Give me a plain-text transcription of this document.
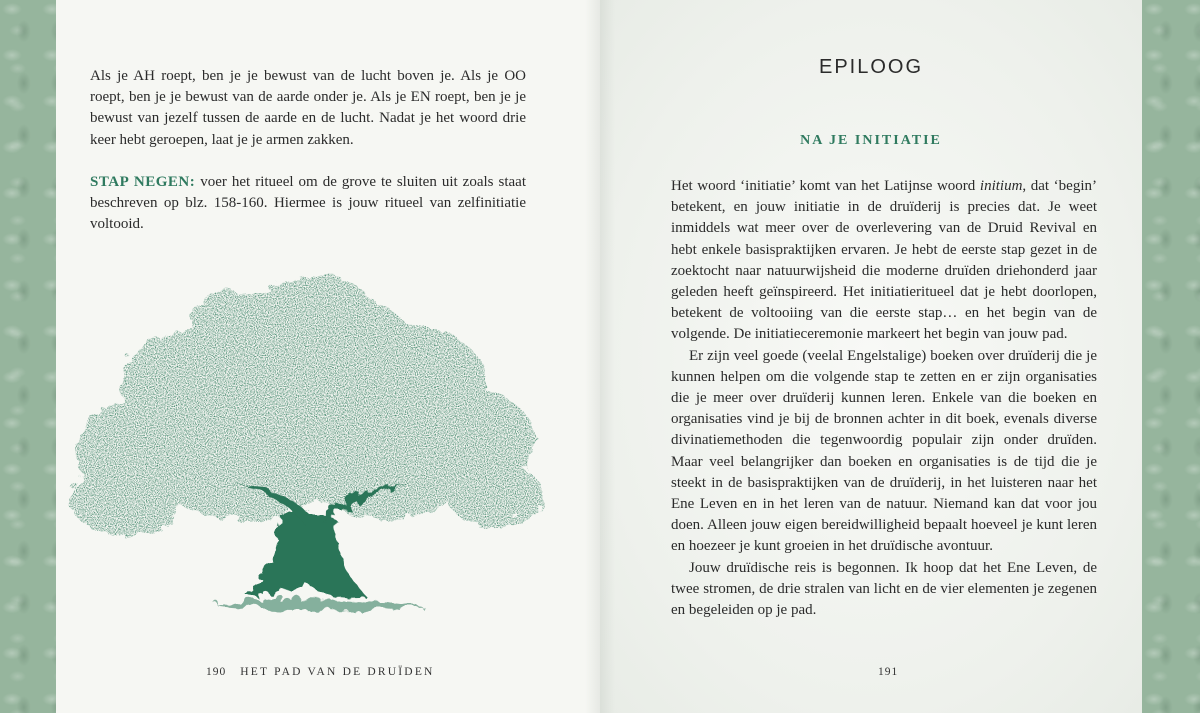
Als je AH roept, ben je je bewust van de lucht boven je. Als je OO roept, ben je je bewust van de aarde onder je. Als je EN roept, ben je je bewust van jezelf tussen de aarde en de lucht. Nadat je het woord drie keer hebt geroepen, laat je je armen zakken.

STAP NEGEN: voer het ritueel om de grove te sluiten uit zoals staat beschreven op blz. 158-160. Hiermee is jouw ritueel van zelfinitiatie voltooid.

190 HET PAD VAN DE DRUÏDEN
EPILOOG
NA JE INITIATIE

Het woord ‘initiatie’ komt van het Latijnse woord initium, dat ‘begin’ betekent, en jouw initiatie in de druïderij is precies dat. Je weet inmiddels wat meer over de overlevering van de Druid Revival en hebt enkele basispraktijken ervaren. Je hebt de eerste stap gezet in de zoektocht naar natuurwijsheid die moderne druïden driehonderd jaar geleden heeft geïnspireerd. Het initiatieritueel dat je hebt doorlopen, betekent de voltooiing van die eerste stap… en het begin van de volgende. De initiatieceremonie markeert het begin van jouw pad.

Er zijn veel goede (veelal Engelstalige) boeken over druïderij die je kunnen helpen om die volgende stap te zetten en er zijn organisaties die je meer over druïderij kunnen leren. Enkele van die boeken en organisaties vind je bij de bronnen achter in dit boek, evenals diverse divinatiemethoden die tegenwoordig populair zijn onder druïden. Maar veel belangrijker dan boeken en organisaties is de tijd die je steekt in de basispraktijken van de druïderij, in het luisteren naar het Ene Leven en in het leren van de natuur. Niemand kan dat voor jou doen. Alleen jouw eigen bereidwilligheid bepaalt hoeveel je kunt leren en hoezeer je kunt groeien in het druïdische avontuur.

Jouw druïdische reis is begonnen. Ik hoop dat het Ene Leven, de twee stromen, de drie stralen van licht en de vier elementen je zegenen en begeleiden op je pad.

191
